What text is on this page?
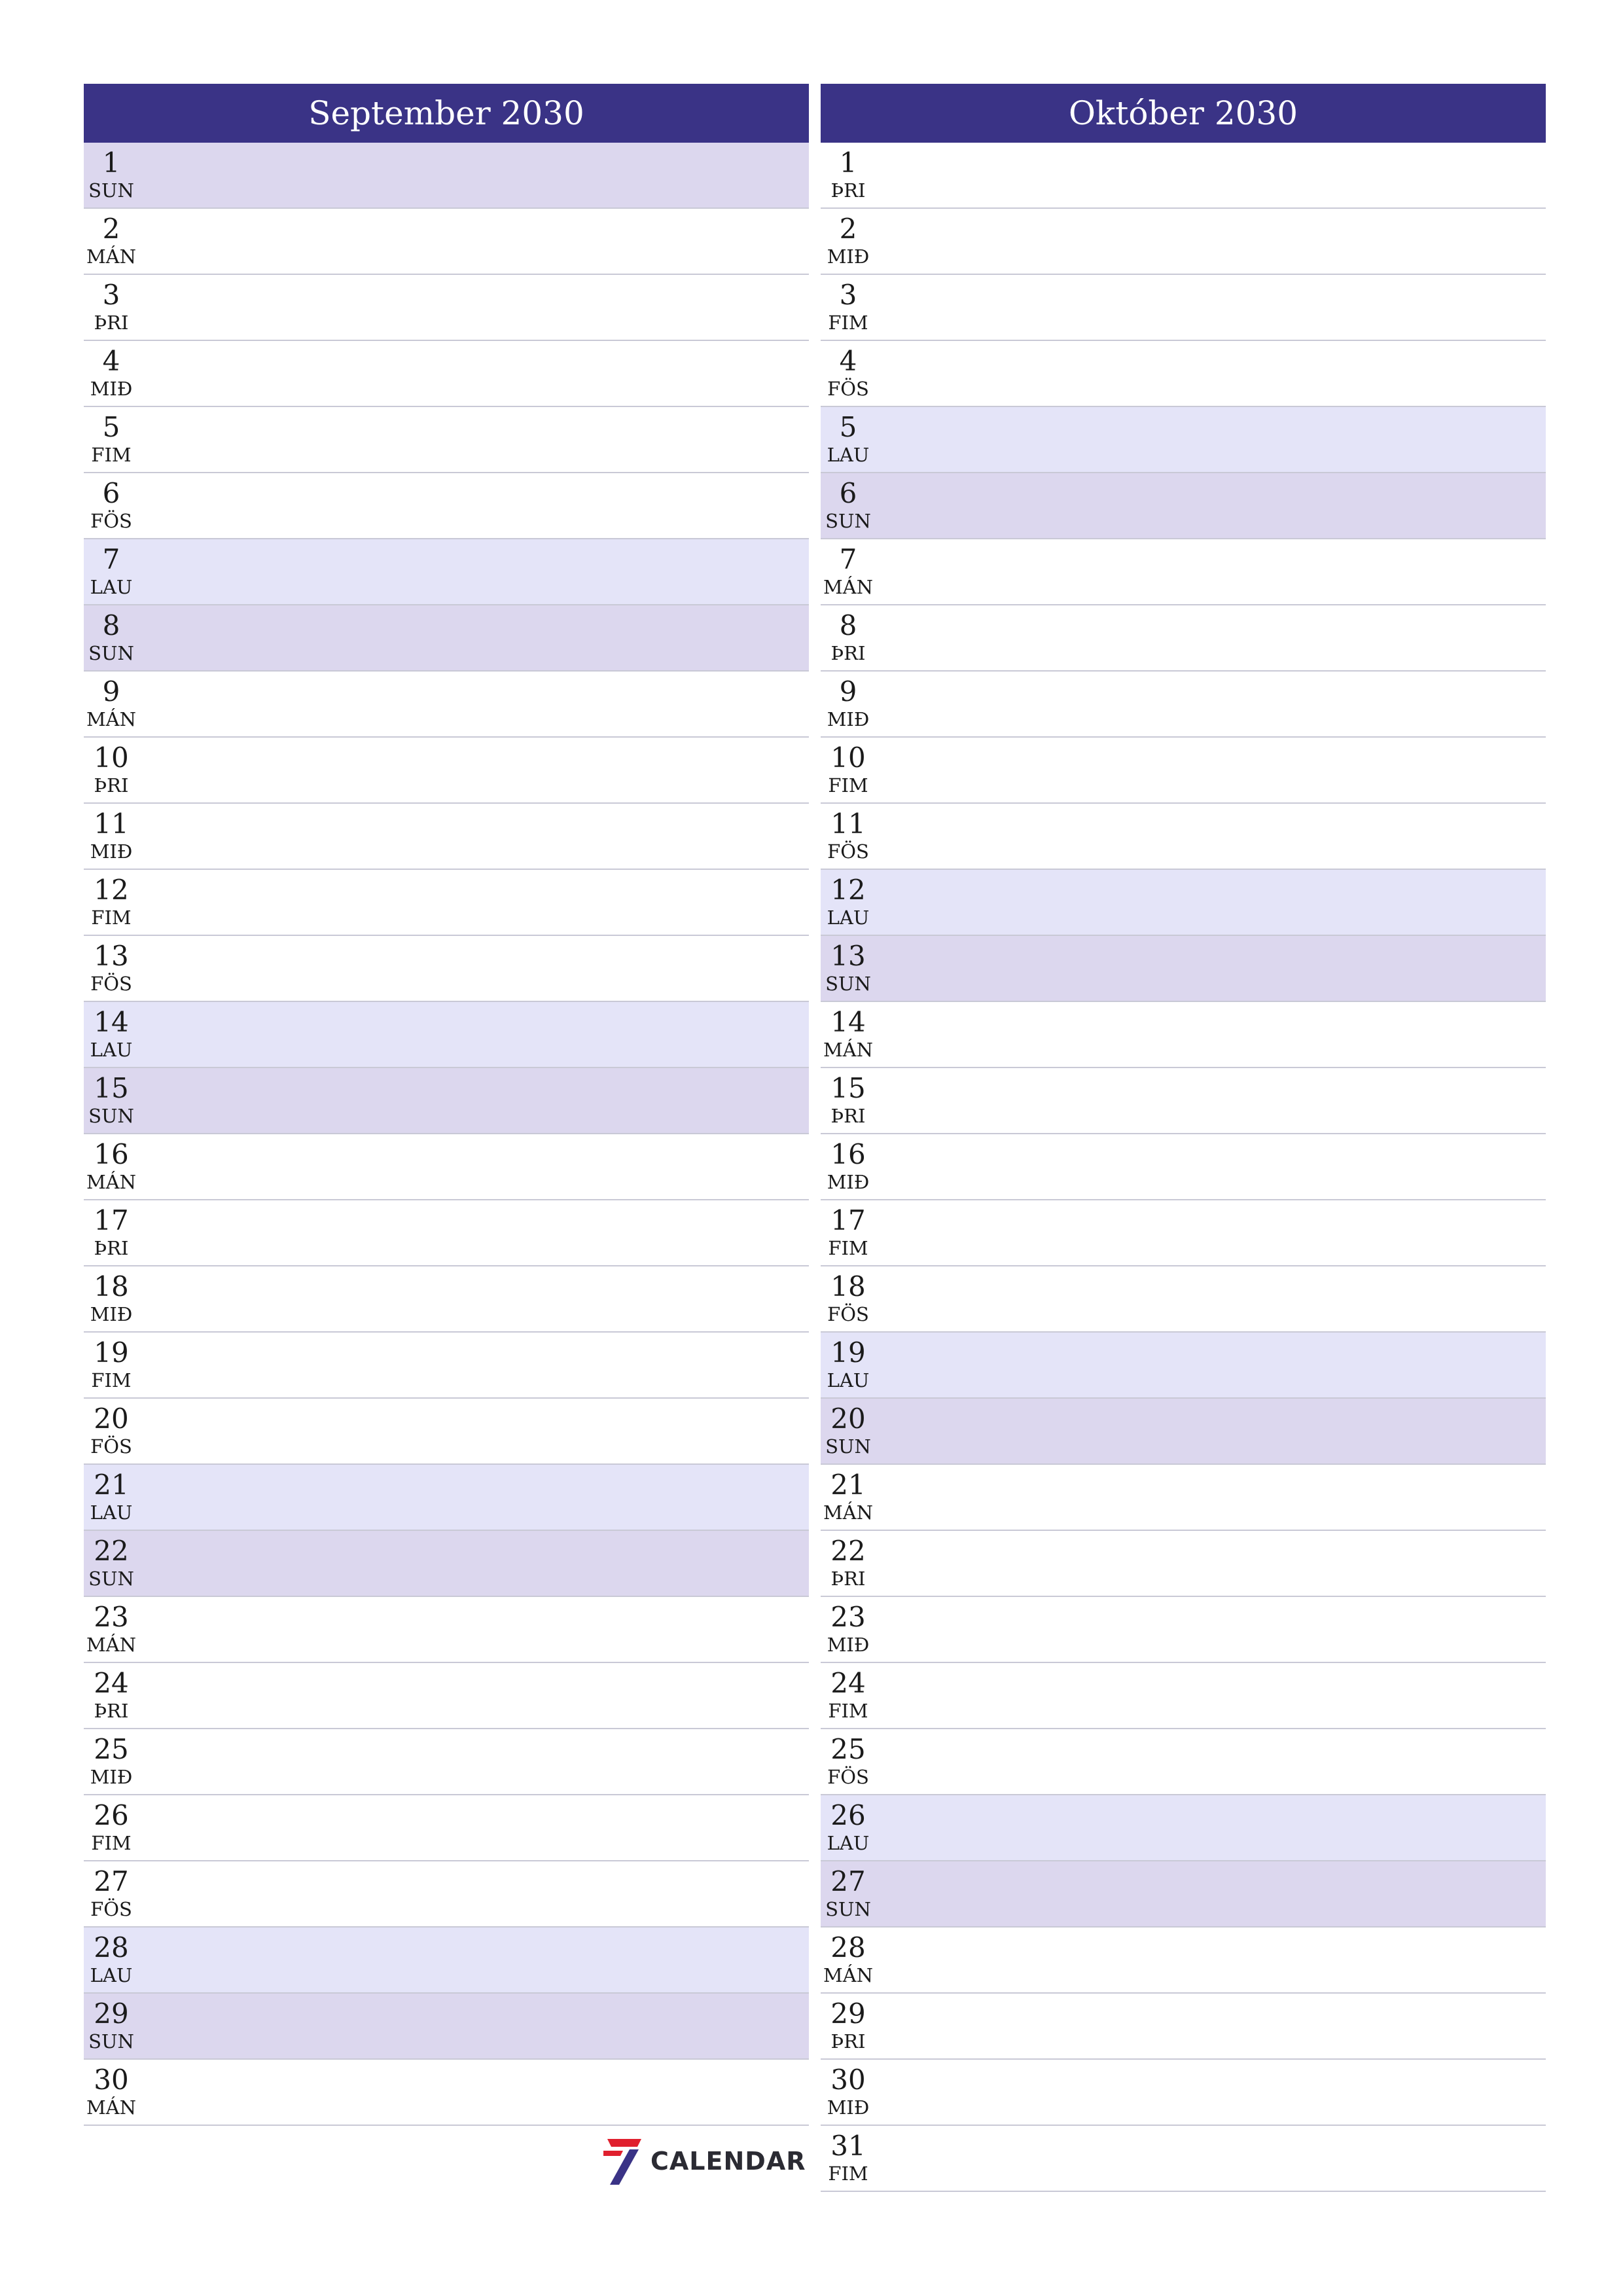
September 2030
1
SUN
2
MÁN
3
ÞRI
4
MIÐ
5
FIM
6
FÖS
7
LAU
8
SUN
9
MÁN
10
ÞRI
11
MIÐ
12
FIM
13
FÖS
14
LAU
15
SUN
16
MÁN
17
ÞRI
18
MIÐ
19
FIM
20
FÖS
21
LAU
22
SUN
23
MÁN
24
ÞRI
25
MIÐ
26
FIM
27
FÖS
28
LAU
29
SUN
30
MÁN
Október 2030
1
ÞRI
2
MIÐ
3
FIM
4
FÖS
5
LAU
6
SUN
7
MÁN
8
ÞRI
9
MIÐ
10
FIM
11
FÖS
12
LAU
13
SUN
14
MÁN
15
ÞRI
16
MIÐ
17
FIM
18
FÖS
19
LAU
20
SUN
21
MÁN
22
ÞRI
23
MIÐ
24
FIM
25
FÖS
26
LAU
27
SUN
28
MÁN
29
ÞRI
30
MIÐ
31
FIM
CALENDAR
